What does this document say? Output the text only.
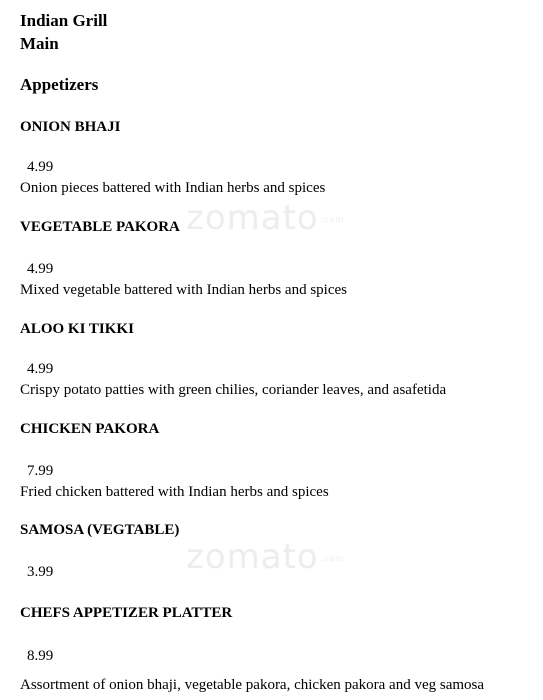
zomato .com
zomato .com
Indian Grill
Main
Appetizers
ONION BHAJI
4.99
Onion pieces battered with Indian herbs and spices
VEGETABLE PAKORA
4.99
Mixed vegetable battered with Indian herbs and spices
ALOO KI TIKKI
4.99
Crispy potato patties with green chilies, coriander leaves, and asafetida
CHICKEN PAKORA
7.99
Fried chicken battered with Indian herbs and spices
SAMOSA (VEGTABLE)
3.99
CHEFS APPETIZER PLATTER
8.99
Assortment of onion bhaji, vegetable pakora, chicken pakora and veg samosa
